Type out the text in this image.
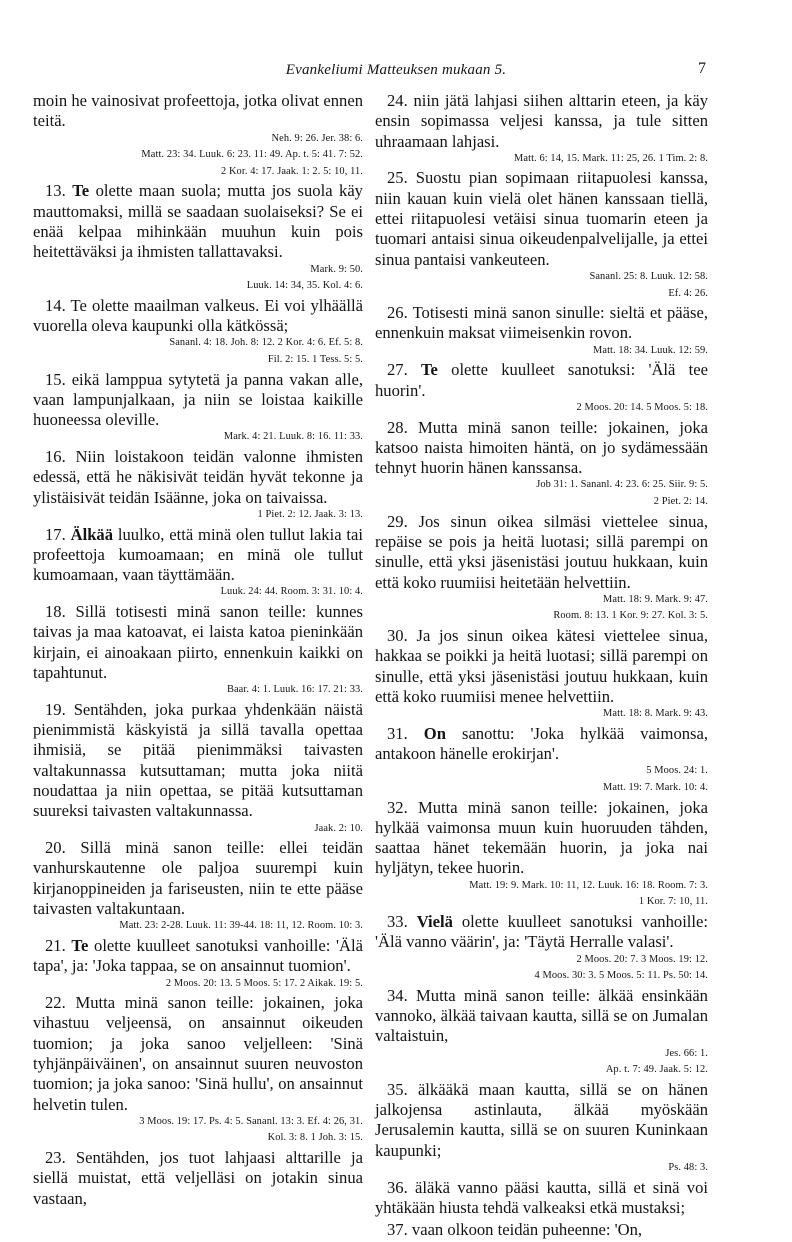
Evankeliumi Matteuksen mukaan 5.	7

moin he vainosivat profeettoja, jotka olivat ennen teitä.

Neh. 9: 26. Jer. 38: 6.
Matt. 23: 34. Luuk. 6: 23. 11: 49. Ap. t. 5: 41. 7: 52.
2 Kor. 4: 17. Jaak. 1: 2. 5: 10, 11.

13. Te olette maan suola; mutta jos suola käy mauttomaksi, millä se saadaan suolaiseksi? Se ei enää kelpaa mihinkään muuhun kuin pois heitettäväksi ja ihmisten tallattavaksi.

Mark. 9: 50.
Luuk. 14: 34, 35. Kol. 4: 6.

14. Te olette maailman valkeus. Ei voi ylhäällä vuorella oleva kaupunki olla kätkössä;

Sananl. 4: 18. Joh. 8: 12. 2 Kor. 4: 6. Ef. 5: 8.
Fil. 2: 15. 1 Tess. 5: 5.

15. eikä lamppua sytytetä ja panna vakan alle, vaan lampunjalkaan, ja niin se loistaa kaikille huoneessa oleville.

Mark. 4: 21. Luuk. 8: 16. 11: 33.

16. Niin loistakoon teidän valonne ihmisten edessä, että he näkisivät teidän hyvät tekonne ja ylistäisivät teidän Isäänne, joka on taivaissa.

1 Piet. 2: 12. Jaak. 3: 13.

17. Älkää luulko, että minä olen tullut lakia tai profeettoja kumoamaan; en minä ole tullut kumoamaan, vaan täyttämään.

Luuk. 24: 44. Room. 3: 31. 10: 4.

18. Sillä totisesti minä sanon teille: kunnes taivas ja maa katoavat, ei laista katoa pieninkään kirjain, ei ainoakaan piirto, ennenkuin kaikki on tapahtunut.

Baar. 4: 1. Luuk. 16: 17. 21: 33.

19. Sentähden, joka purkaa yhdenkään näistä pienimmistä käskyistä ja sillä tavalla opettaa ihmisiä, se pitää pienimmäksi taivasten valtakunnassa kutsuttaman; mutta joka niitä noudattaa ja niin opettaa, se pitää kutsuttaman suureksi taivasten valtakunnassa.

Jaak. 2: 10.

20. Sillä minä sanon teille: ellei teidän vanhurskautenne ole paljoa suurempi kuin kirjanoppineiden ja fariseusten, niin te ette pääse taivasten valtakuntaan.

Matt. 23: 2-28. Luuk. 11: 39-44. 18: 11, 12. Room. 10: 3.

21. Te olette kuulleet sanotuksi vanhoille: 'Älä tapa', ja: 'Joka tappaa, se on ansainnut tuomion'.

2 Moos. 20: 13. 5 Moos. 5: 17. 2 Aikak. 19: 5.

22. Mutta minä sanon teille: jokainen, joka vihastuu veljeensä, on ansainnut oikeuden tuomion; ja joka sanoo veljelleen: 'Sinä tyhjänpäiväinen', on ansainnut suuren neuvoston tuomion; ja joka sanoo: 'Sinä hullu', on ansainnut helvetin tulen.

3 Moos. 19: 17. Ps. 4: 5. Sananl. 13: 3. Ef. 4: 26, 31.
Kol. 3: 8. 1 Joh. 3: 15.

23. Sentähden, jos tuot lahjaasi alttarille ja siellä muistat, että veljelläsi on jotakin sinua vastaan,

24. niin jätä lahjasi siihen alttarin eteen, ja käy ensin sopimassa veljesi kanssa, ja tule sitten uhraamaan lahjasi.

Matt. 6: 14, 15. Mark. 11: 25, 26. 1 Tim. 2: 8.

25. Suostu pian sopimaan riitapuolesi kanssa, niin kauan kuin vielä olet hänen kanssaan tiellä, ettei riitapuolesi vetäisi sinua tuomarin eteen ja tuomari antaisi sinua oikeudenpalvelijalle, ja ettei sinua pantaisi vankeuteen.

Sananl. 25: 8. Luuk. 12: 58.
Ef. 4: 26.

26. Totisesti minä sanon sinulle: sieltä et pääse, ennenkuin maksat viimeisenkin rovon.

Matt. 18: 34. Luuk. 12: 59.

27. Te olette kuulleet sanotuksi: 'Älä tee huorin'.

2 Moos. 20: 14. 5 Moos. 5: 18.

28. Mutta minä sanon teille: jokainen, joka katsoo naista himoiten häntä, on jo sydämessään tehnyt huorin hänen kanssansa.

Job 31: 1. Sananl. 4: 23. 6: 25. Siir. 9: 5.
2 Piet. 2: 14.

29. Jos sinun oikea silmäsi viettelee sinua, repäise se pois ja heitä luotasi; sillä parempi on sinulle, että yksi jäsenistäsi joutuu hukkaan, kuin että koko ruumiisi heitetään helvettiin.

Matt. 18: 9. Mark. 9: 47.
Room. 8: 13. 1 Kor. 9: 27. Kol. 3: 5.

30. Ja jos sinun oikea kätesi viettelee sinua, hakkaa se poikki ja heitä luotasi; sillä parempi on sinulle, että yksi jäsenistäsi joutuu hukkaan, kuin että koko ruumiisi menee helvettiin.

Matt. 18: 8. Mark. 9: 43.

31. On sanottu: 'Joka hylkää vaimonsa, antakoon hänelle erokirjan'.

5 Moos. 24: 1.
Matt. 19: 7. Mark. 10: 4.

32. Mutta minä sanon teille: jokainen, joka hylkää vaimonsa muun kuin huoruuden tähden, saattaa hänet tekemään huorin, ja joka nai hyljätyn, tekee huorin.

Matt. 19: 9. Mark. 10: 11, 12. Luuk. 16: 18. Room. 7: 3.
1 Kor. 7: 10, 11.

33. Vielä olette kuulleet sanotuksi vanhoille: 'Älä vanno väärin', ja: 'Täytä Herralle valasi'.

2 Moos. 20: 7. 3 Moos. 19: 12.
4 Moos. 30: 3. 5 Moos. 5: 11. Ps. 50: 14.

34. Mutta minä sanon teille: älkää ensinkään vannoko, älkää taivaan kautta, sillä se on Jumalan valtaistuin,

Jes. 66: 1.
Ap. t. 7: 49. Jaak. 5: 12.

35. älkääkä maan kautta, sillä se on hänen jalkojensa astinlauta, älkää myöskään Jerusalemin kautta, sillä se on suuren Kuninkaan kaupunki;

Ps. 48: 3.

36. äläkä vanno pääsi kautta, sillä et sinä voi yhtäkään hiusta tehdä valkeaksi etkä mustaksi;

37. vaan olkoon teidän puheenne: 'On,
